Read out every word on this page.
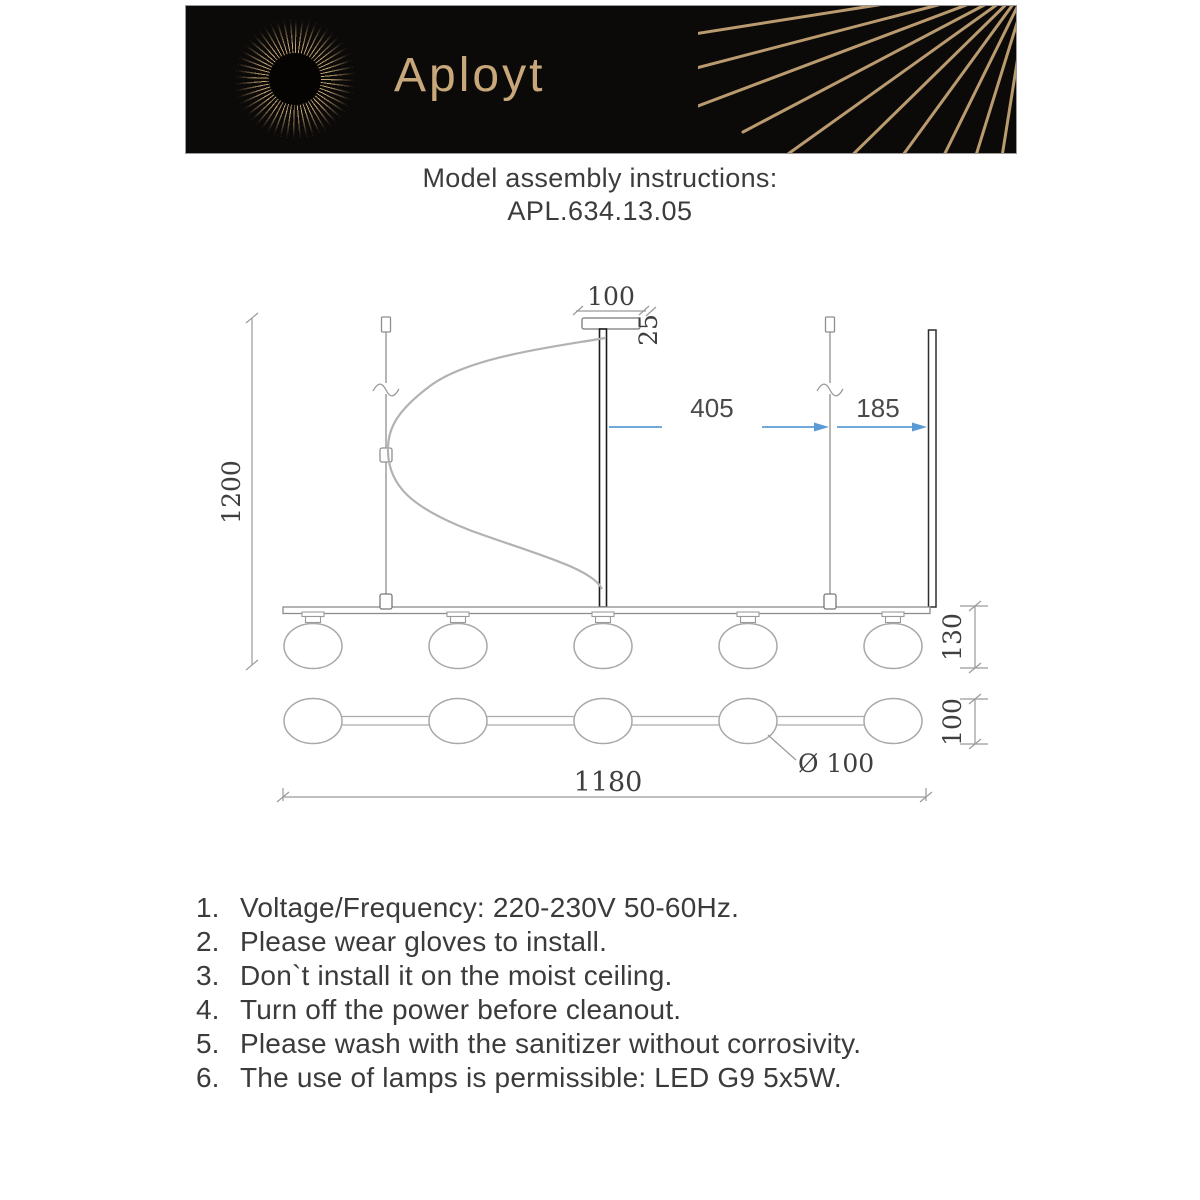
Aployt
Model assembly instructions:
APL.634.13.05
1200
100
25
405	185
130
Ø 100
100
1180
1. Voltage/Frequency: 220-230V 50-60Hz.
2. Please wear gloves to install.
3. Don`t install it on the moist ceiling.
4. Turn off the power before cleanout.
5. Please wash with the sanitizer without corrosivity.
6. The use of lamps is permissible: LED G9 5x5W.
